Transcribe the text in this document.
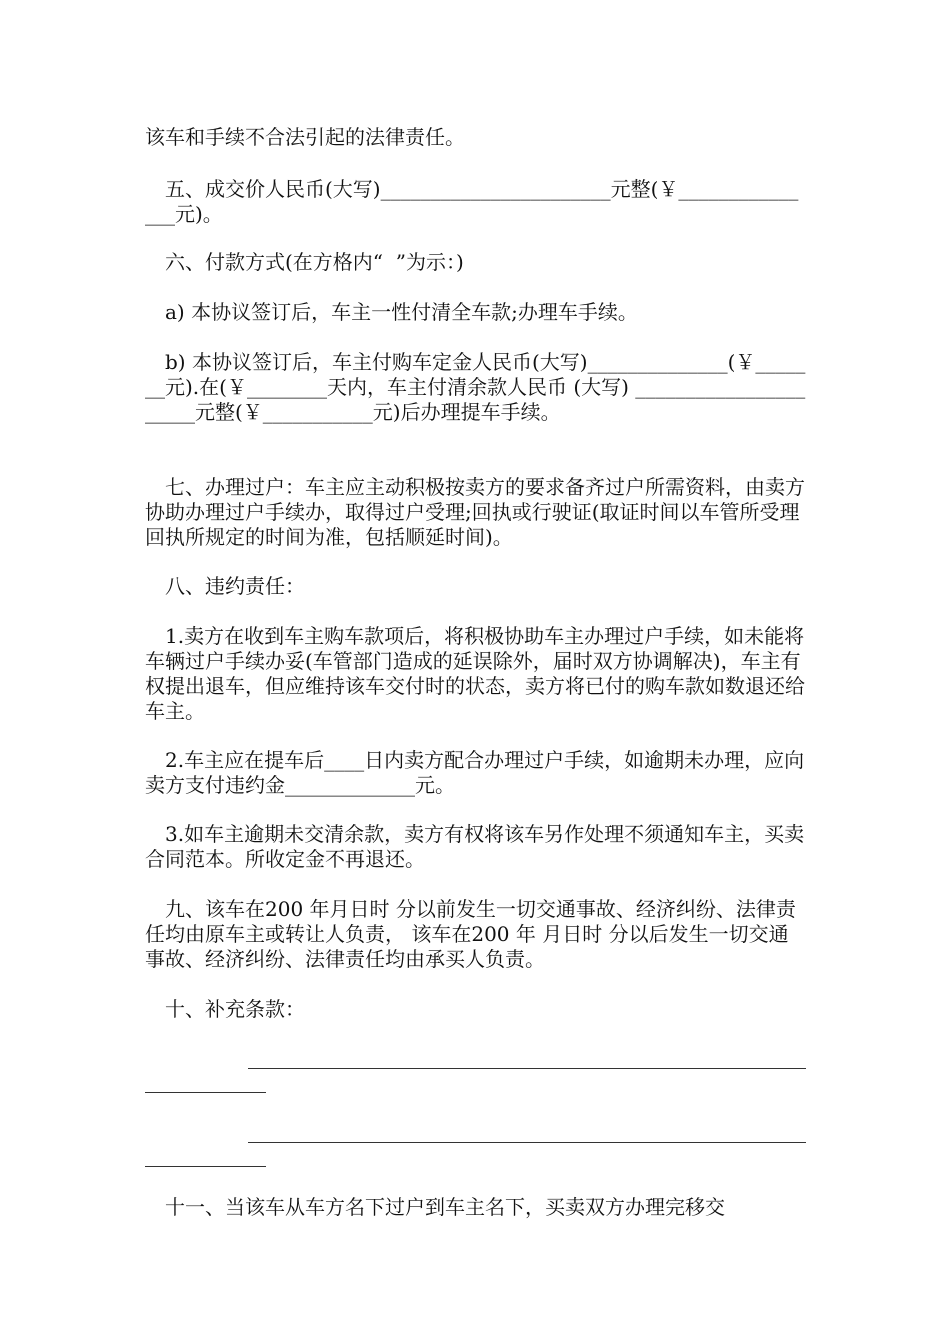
该车和手续不合法引起的法律责任。

五、成交价人民币(大写)_______________________元整(￥_______________元)。

六、付款方式(在方格内“  ”为示：)

a) 本协议签订后，车主一性付清全车款;办理车手续。

b) 本协议签订后，车主付购车定金人民币(大写)______________(￥_______元).在(￥________天内，车主付清余款人民币 (大写) ______________________元整(￥___________元)后办理提车手续。

七、办理过户：车主应主动积极按卖方的要求备齐过户所需资料，由卖方协助办理过户手续办，取得过户受理;回执或行驶证(取证时间以车管所受理回执所规定的时间为准，包括顺延时间)。

八、违约责任：

1.卖方在收到车主购车款项后，将积极协助车主办理过户手续，如未能将车辆过户手续办妥(车管部门造成的延误除外，届时双方协调解决)，车主有权提出退车，但应维持该车交付时的状态，卖方将已付的购车款如数退还给车主。

2.车主应在提车后____日内卖方配合办理过户手续，如逾期未办理，应向卖方支付违约金_____________元。

3.如车主逾期未交清余款，卖方有权将该车另作处理不须通知车主，买卖合同范本。所收定金不再退还。

九、该车在200 年月日时 分以前发生一切交通事故、经济纠纷、法律责任均由原车主或转让人负责， 该车在200 年 月日时 分以后发生一切交通事故、经济纠纷、法律责任均由承买人负责。

十、补充条款：

十一、当该车从车方名下过户到车主名下，买卖双方办理完移交
